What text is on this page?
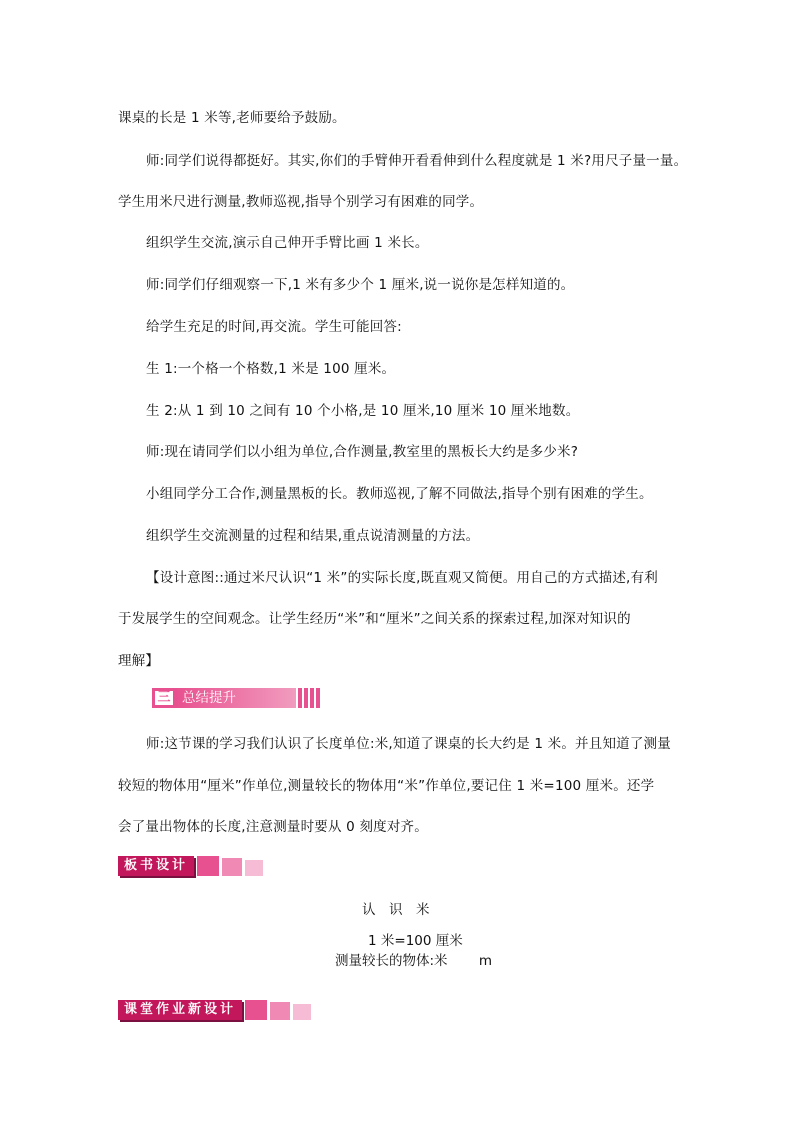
课桌的长是 1 米等,老师要给予鼓励。
师:同学们说得都挺好。其实,你们的手臂伸开看看伸到什么程度就是 1 米?用尺子量一量。
学生用米尺进行测量,教师巡视,指导个别学习有困难的同学。
组织学生交流,演示自己伸开手臂比画 1 米长。
师:同学们仔细观察一下,1 米有多少个 1 厘米,说一说你是怎样知道的。
给学生充足的时间,再交流。学生可能回答:
生 1:一个格一个格数,1 米是 100 厘米。
生 2:从 1 到 10 之间有 10 个小格,是 10 厘米,10 厘米 10 厘米地数。
师:现在请同学们以小组为单位,合作测量,教室里的黑板长大约是多少米?
小组同学分工合作,测量黑板的长。教师巡视,了解不同做法,指导个别有困难的学生。
组织学生交流测量的过程和结果,重点说清测量的方法。
【设计意图::通过米尺认识“1 米”的实际长度,既直观又简便。用自己的方式描述,有利
于发展学生的空间观念。让学生经历“米”和“厘米”之间关系的探索过程,加深对知识的
理解】
三 总结提升
师:这节课的学习我们认识了长度单位:米,知道了课桌的长大约是 1 米。并且知道了测量
较短的物体用“厘米”作单位,测量较长的物体用“米”作单位,要记住 1 米=100 厘米。还学
会了量出物体的长度,注意测量时要从 0 刻度对齐。
板书设计
认　识　米
1 米=100 厘米
测量较长的物体:米　　 m
课堂作业新设计
